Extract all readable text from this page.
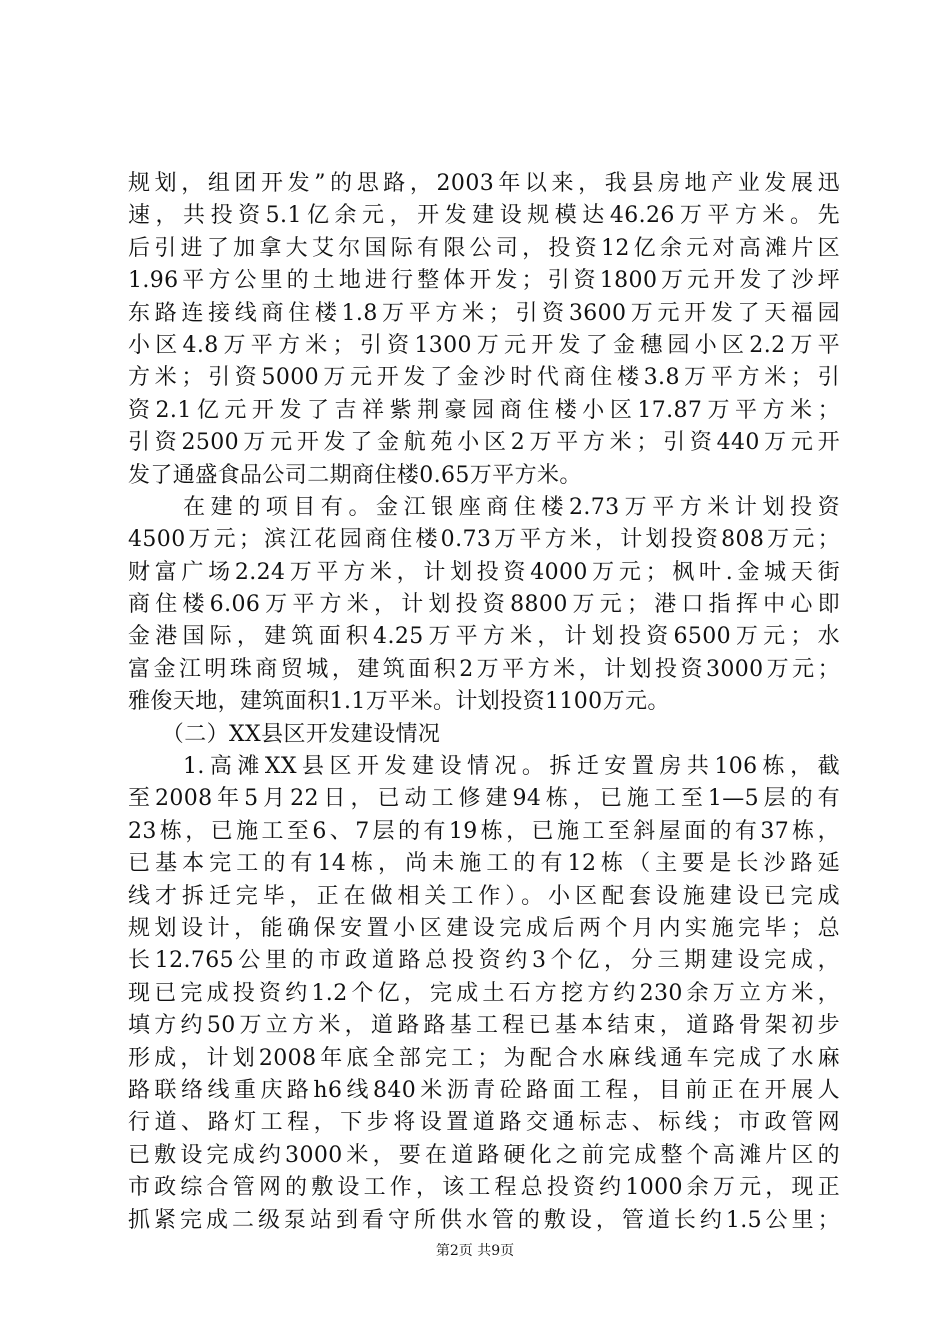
规划，组团开发”的思路，2003年以来，我县房地产业发展迅
速，共投资5.1亿余元，开发建设规模达46.26万平方米。先
后引进了加拿大艾尔国际有限公司，投资12亿余元对高滩片区
1.96平方公里的土地进行整体开发；引资1800万元开发了沙坪
东路连接线商住楼1.8万平方米；引资3600万元开发了天福园
小区4.8万平方米；引资1300万元开发了金穗园小区2.2万平
方米；引资5000万元开发了金沙时代商住楼3.8万平方米；引
资2.1亿元开发了吉祥紫荆豪园商住楼小区17.87万平方米；
引资2500万元开发了金航苑小区2万平方米；引资440万元开
发了通盛食品公司二期商住楼0.65万平方米。
　　在建的项目有。金江银座商住楼2.73万平方米计划投资
4500万元；滨江花园商住楼0.73万平方米，计划投资808万元；
财富广场2.24万平方米，计划投资4000万元；枫叶.金城天街
商住楼6.06万平方米，计划投资8800万元；港口指挥中心即
金港国际，建筑面积4.25万平方米，计划投资6500万元；水
富金江明珠商贸城，建筑面积2万平方米，计划投资3000万元；
雅俊天地，建筑面积1.1万平米。计划投资1100万元。
　　（二）XX县区开发建设情况
　　1.高滩XX县区开发建设情况。拆迁安置房共106栋，截
至2008年5月22日，已动工修建94栋，已施工至1—5层的有
23栋，已施工至6、7层的有19栋，已施工至斜屋面的有37栋，
已基本完工的有14栋，尚未施工的有12栋（主要是长沙路延
线才拆迁完毕，正在做相关工作）。小区配套设施建设已完成
规划设计，能确保安置小区建设完成后两个月内实施完毕；总
长12.765公里的市政道路总投资约3个亿，分三期建设完成，
现已完成投资约1.2个亿，完成土石方挖方约230余万立方米，
填方约50万立方米，道路路基工程已基本结束，道路骨架初步
形成，计划2008年底全部完工；为配合水麻线通车完成了水麻
路联络线重庆路h6线840米沥青砼路面工程，目前正在开展人
行道、路灯工程，下步将设置道路交通标志、标线；市政管网
已敷设完成约3000米，要在道路硬化之前完成整个高滩片区的
市政综合管网的敷设工作，该工程总投资约1000余万元，现正
抓紧完成二级泵站到看守所供水管的敷设，管道长约1.5公里；
第2页 共9页
